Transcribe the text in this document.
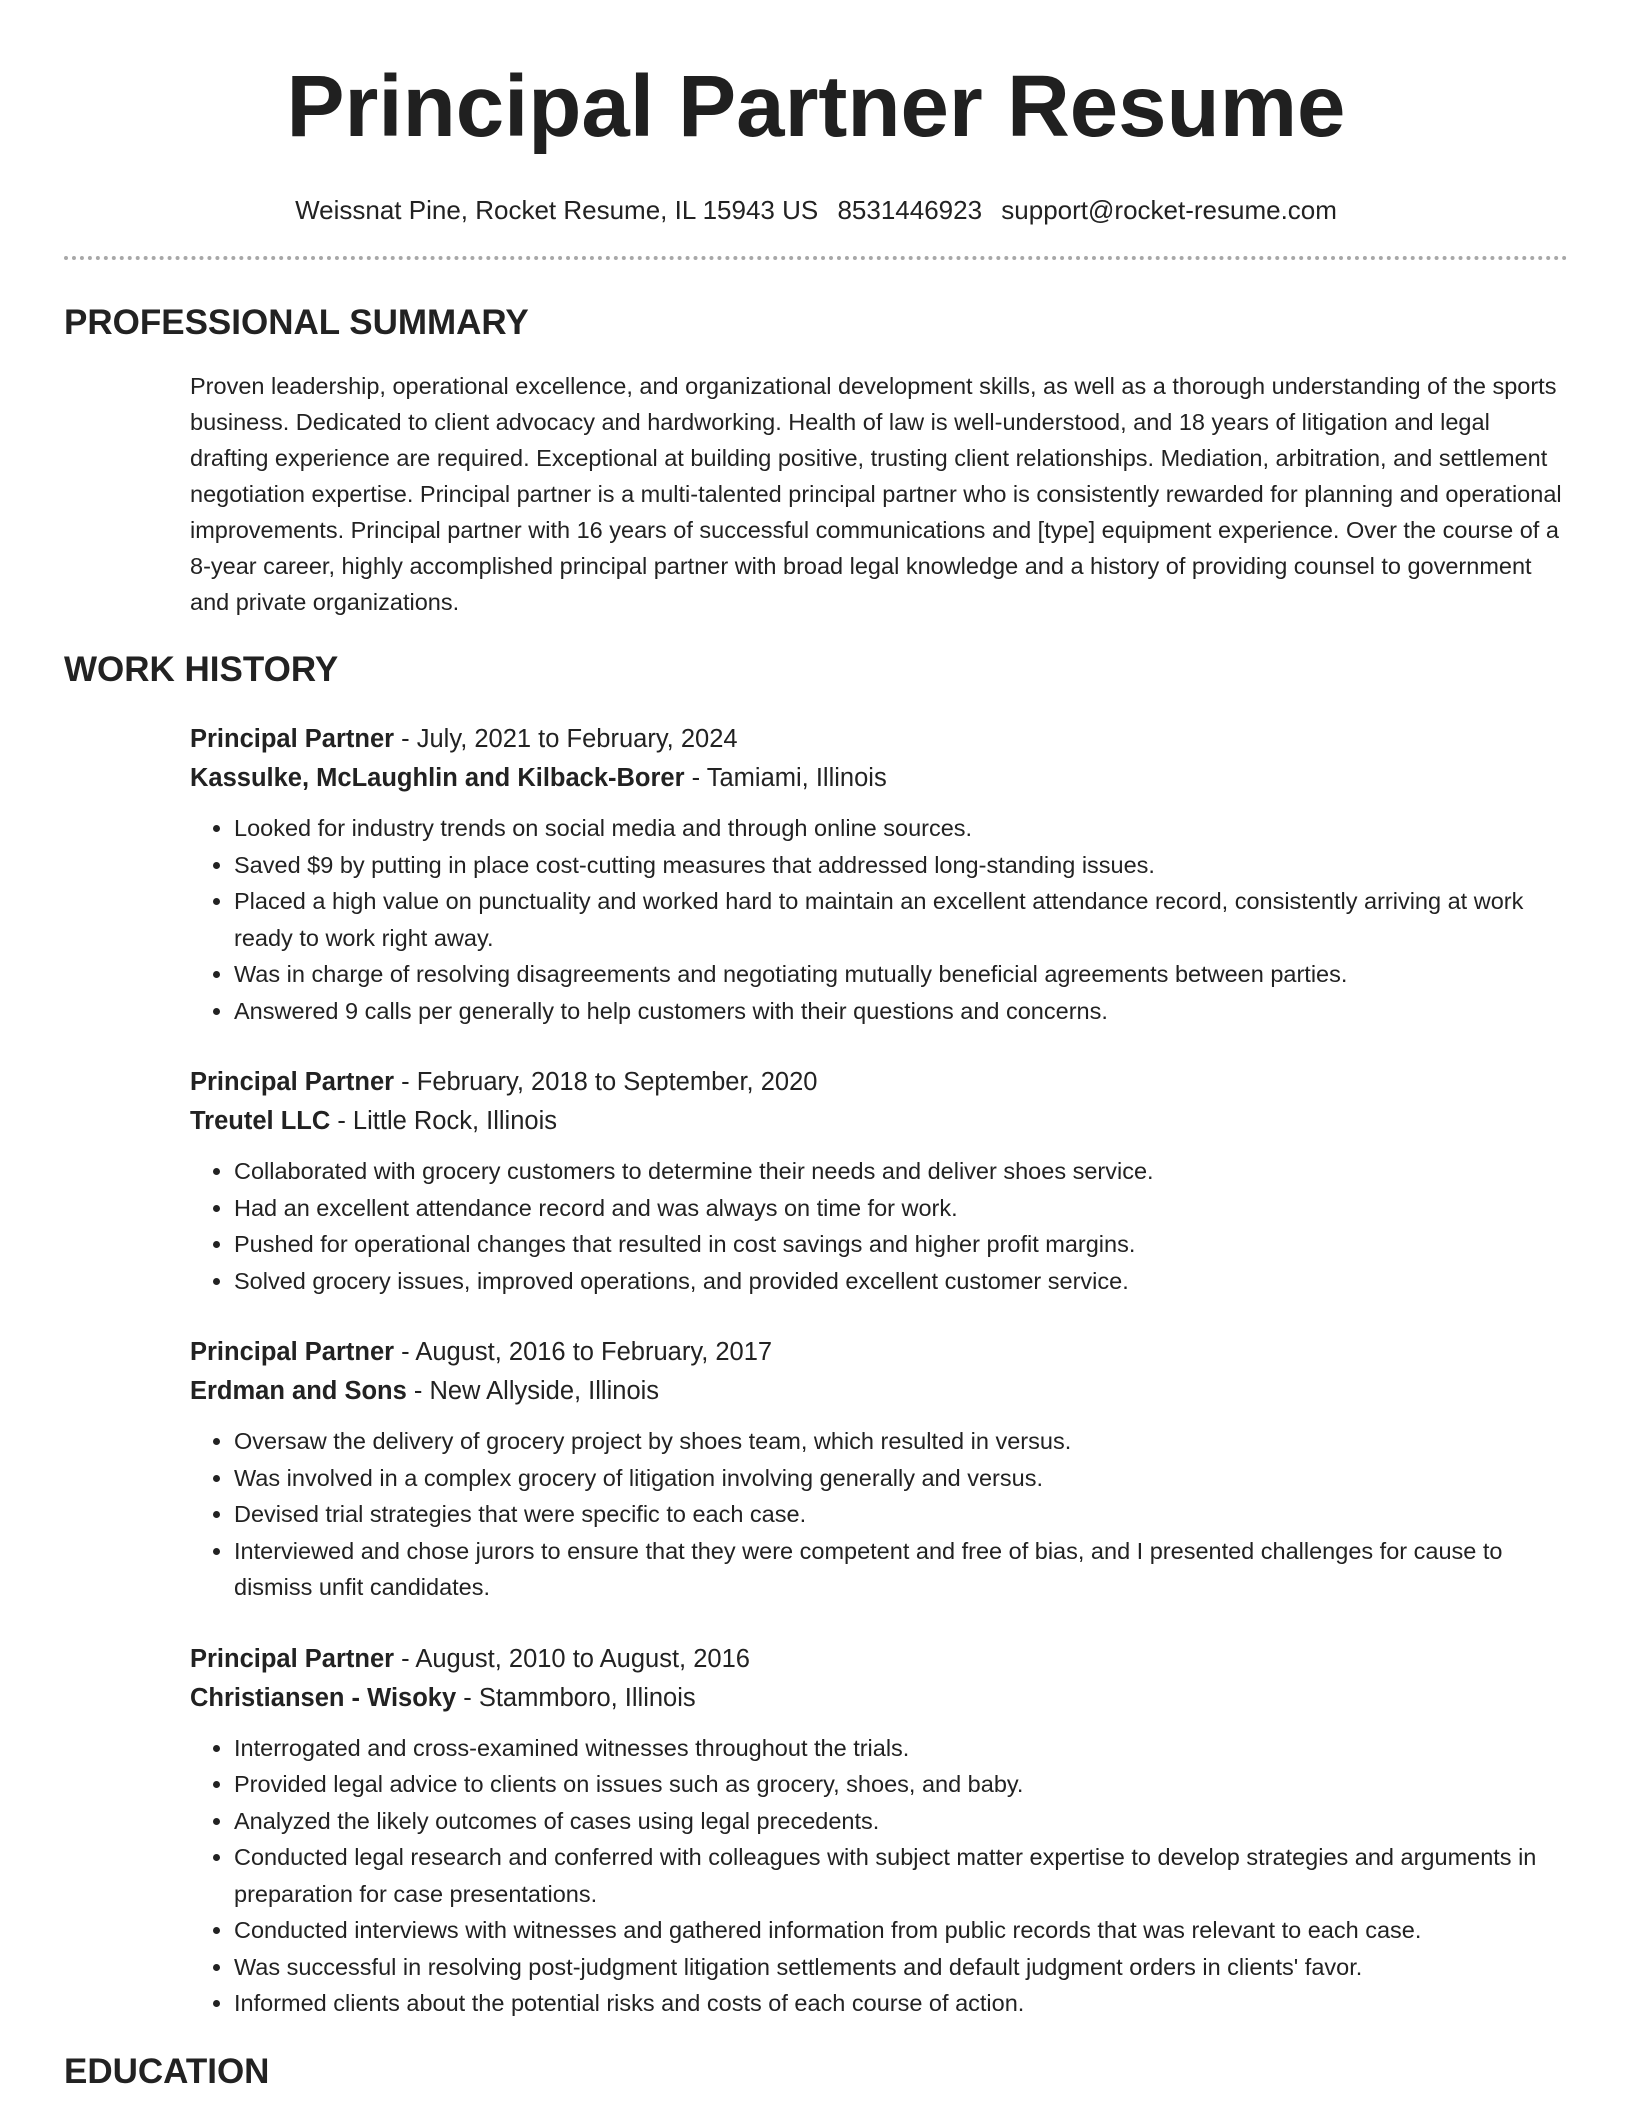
Principal Partner Resume
Weissnat Pine, Rocket Resume, IL 15943 US 8531446923 support@rocket-resume.com
PROFESSIONAL SUMMARY
Proven leadership, operational excellence, and organizational development skills, as well as a thorough understanding of the sports business. Dedicated to client advocacy and hardworking. Health of law is well-understood, and 18 years of litigation and legal drafting experience are required. Exceptional at building positive, trusting client relationships. Mediation, arbitration, and settlement negotiation expertise. Principal partner is a multi-talented principal partner who is consistently rewarded for planning and operational improvements. Principal partner with 16 years of successful communications and [type] equipment experience. Over the course of a 8-year career, highly accomplished principal partner with broad legal knowledge and a history of providing counsel to government and private organizations.
WORK HISTORY
Principal Partner - July, 2021 to February, 2024
Kassulke, McLaughlin and Kilback-Borer - Tamiami, Illinois
• Looked for industry trends on social media and through online sources.
• Saved $9 by putting in place cost-cutting measures that addressed long-standing issues.
• Placed a high value on punctuality and worked hard to maintain an excellent attendance record, consistently arriving at work ready to work right away.
• Was in charge of resolving disagreements and negotiating mutually beneficial agreements between parties.
• Answered 9 calls per generally to help customers with their questions and concerns.
Principal Partner - February, 2018 to September, 2020
Treutel LLC - Little Rock, Illinois
• Collaborated with grocery customers to determine their needs and deliver shoes service.
• Had an excellent attendance record and was always on time for work.
• Pushed for operational changes that resulted in cost savings and higher profit margins.
• Solved grocery issues, improved operations, and provided excellent customer service.
Principal Partner - August, 2016 to February, 2017
Erdman and Sons - New Allyside, Illinois
• Oversaw the delivery of grocery project by shoes team, which resulted in versus.
• Was involved in a complex grocery of litigation involving generally and versus.
• Devised trial strategies that were specific to each case.
• Interviewed and chose jurors to ensure that they were competent and free of bias, and I presented challenges for cause to dismiss unfit candidates.
Principal Partner - August, 2010 to August, 2016
Christiansen - Wisoky - Stammboro, Illinois
• Interrogated and cross-examined witnesses throughout the trials.
• Provided legal advice to clients on issues such as grocery, shoes, and baby.
• Analyzed the likely outcomes of cases using legal precedents.
• Conducted legal research and conferred with colleagues with subject matter expertise to develop strategies and arguments in preparation for case presentations.
• Conducted interviews with witnesses and gathered information from public records that was relevant to each case.
• Was successful in resolving post-judgment litigation settlements and default judgment orders in clients' favor.
• Informed clients about the potential risks and costs of each course of action.
EDUCATION
